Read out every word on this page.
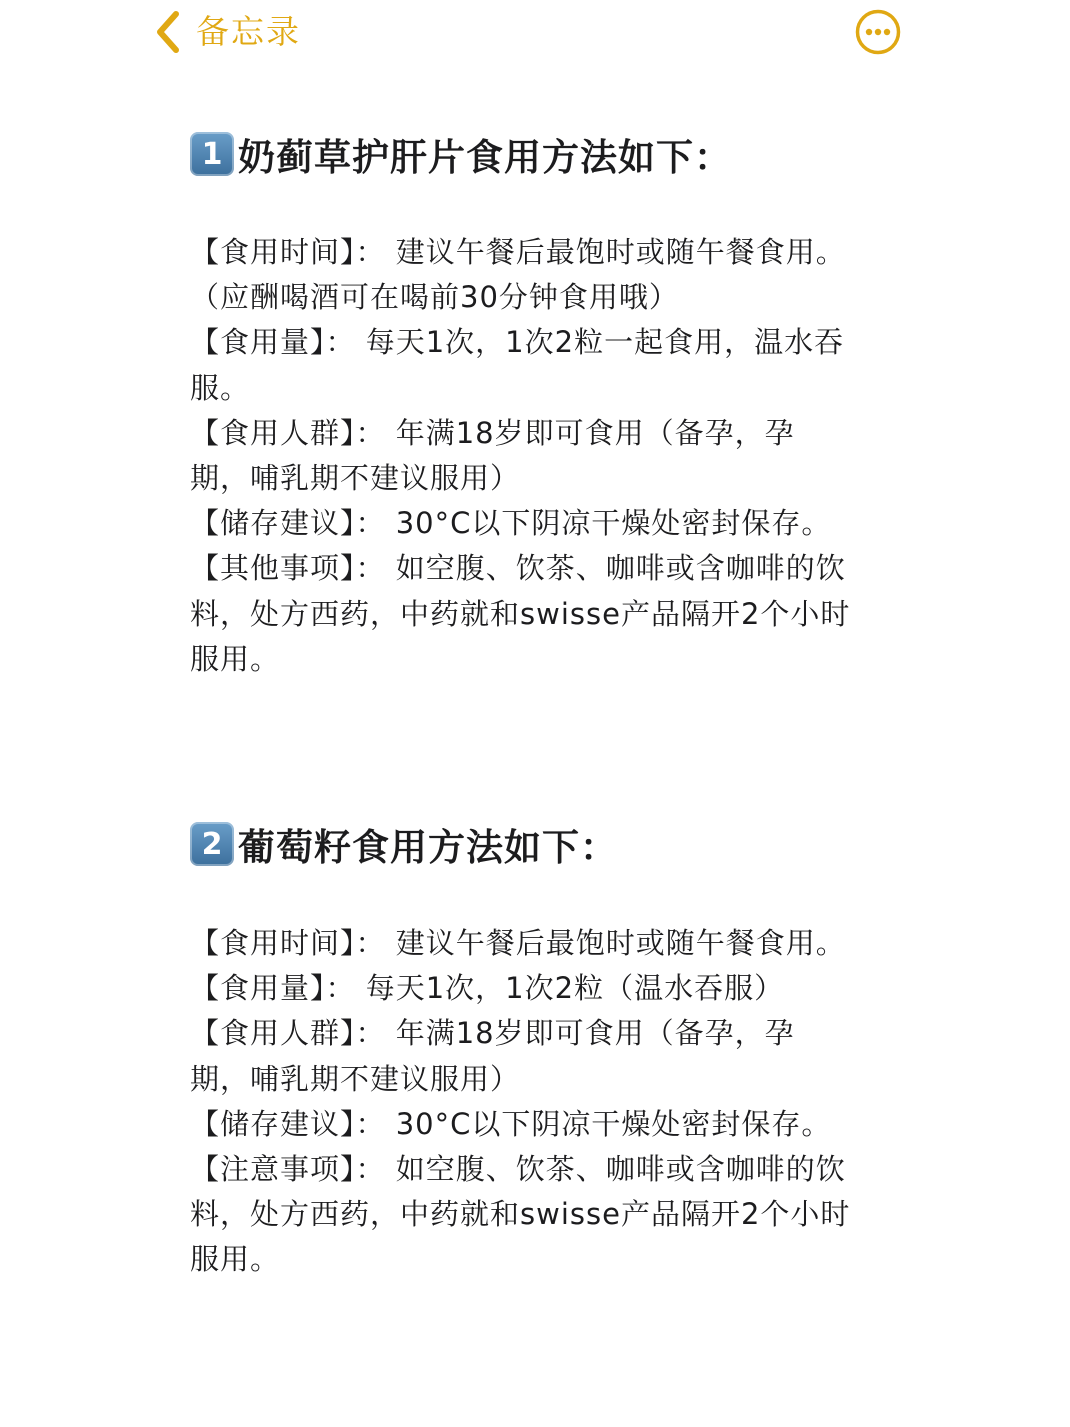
备忘录
1 奶蓟草护肝片食用方法如下：
【食用时间】： 建议午餐后最饱时或随午餐食用。
（应酬喝酒可在喝前30分钟食用哦）
【食用量】： 每天1次，1次2粒一起食用，温水吞
服。
【食用人群】： 年满18岁即可食用（备孕，孕
期，哺乳期不建议服用）
【储存建议】： 30°C以下阴凉干燥处密封保存。
【其他事项】： 如空腹、饮茶、咖啡或含咖啡的饮
料，处方西药，中药就和swisse产品隔开2个小时
服用。
2 葡萄籽食用方法如下：
【食用时间】： 建议午餐后最饱时或随午餐食用。
【食用量】： 每天1次，1次2粒（温水吞服）
【食用人群】： 年满18岁即可食用（备孕，孕
期，哺乳期不建议服用）
【储存建议】： 30°C以下阴凉干燥处密封保存。
【注意事项】： 如空腹、饮茶、咖啡或含咖啡的饮
料，处方西药，中药就和swisse产品隔开2个小时
服用。
